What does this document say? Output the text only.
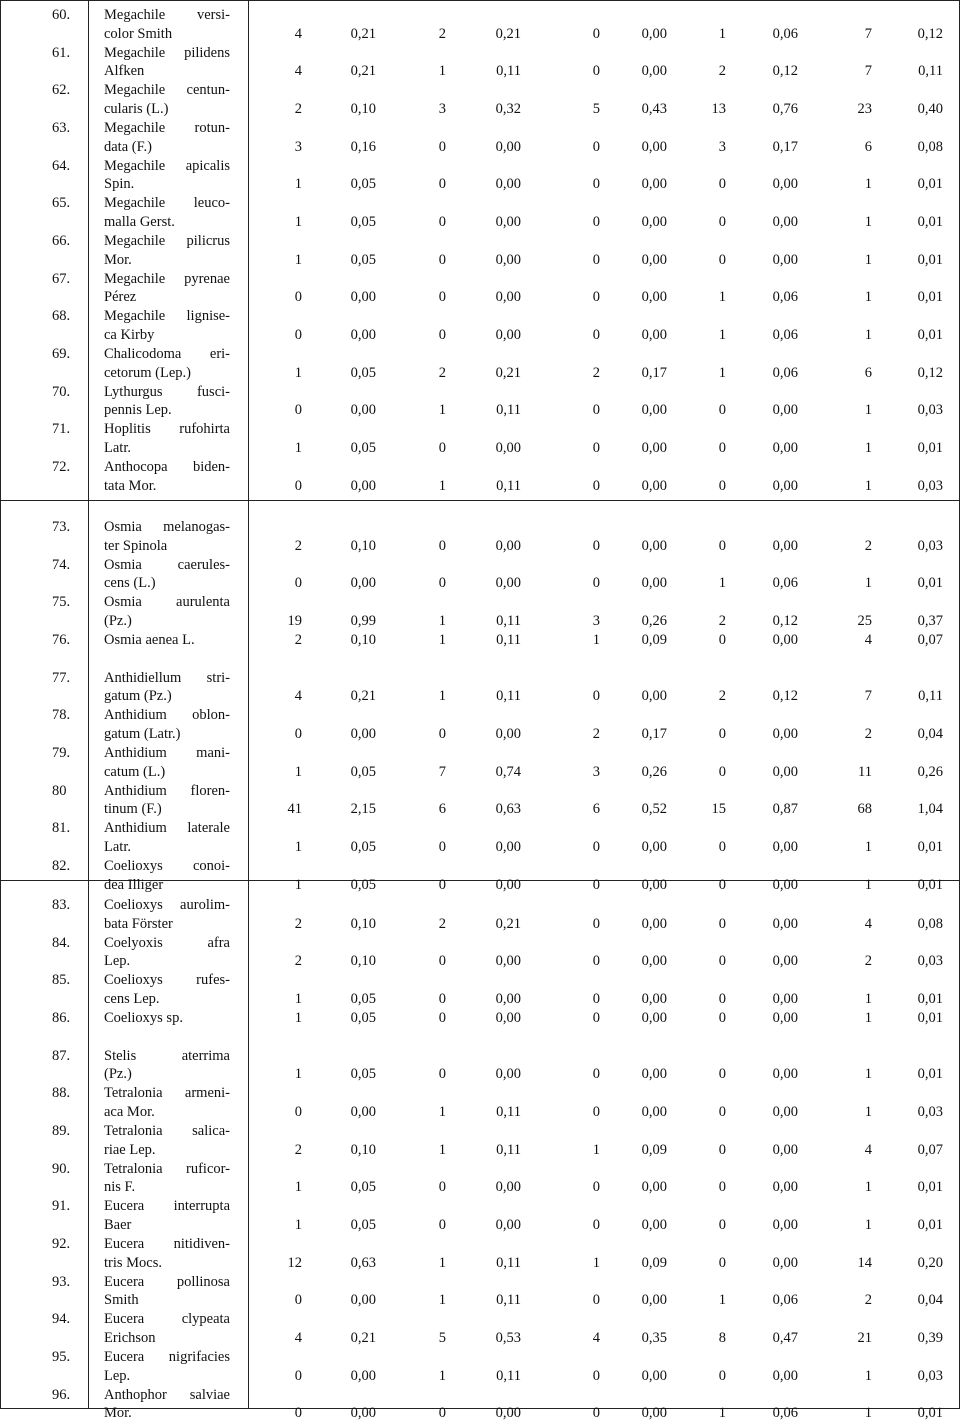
60.	Megachile versi-
color Smith	4	0,21	2	0,21	0	0,00	1	0,06	7	0,12
61.	Megachile pilidens
Alfken	4	0,21	1	0,11	0	0,00	2	0,12	7	0,11
62.	Megachile centun-
cularis (L.)	2	0,10	3	0,32	5	0,43	13	0,76	23	0,40
63.	Megachile rotun-
data (F.)	3	0,16	0	0,00	0	0,00	3	0,17	6	0,08
64.	Megachile apicalis
Spin.	1	0,05	0	0,00	0	0,00	0	0,00	1	0,01
65.	Megachile leuco-
malla Gerst.	1	0,05	0	0,00	0	0,00	0	0,00	1	0,01
66.	Megachile pilicrus
Mor.	1	0,05	0	0,00	0	0,00	0	0,00	1	0,01
67.	Megachile pyrenae
Pérez	0	0,00	0	0,00	0	0,00	1	0,06	1	0,01
68.	Megachile lignise-
ca Kirby	0	0,00	0	0,00	0	0,00	1	0,06	1	0,01
69.	Chalicodoma eri-
cetorum (Lep.)	1	0,05	2	0,21	2	0,17	1	0,06	6	0,12
70.	Lythurgus fusci-
pennis Lep.	0	0,00	1	0,11	0	0,00	0	0,00	1	0,03
71.	Hoplitis rufohirta
Latr.	1	0,05	0	0,00	0	0,00	0	0,00	1	0,01
72.	Anthocopa biden-
tata Mor.	0	0,00	1	0,11	0	0,00	0	0,00	1	0,03
73.	Osmia melanogas-
ter Spinola	2	0,10	0	0,00	0	0,00	0	0,00	2	0,03
74.	Osmia caerules-
cens (L.)	0	0,00	0	0,00	0	0,00	1	0,06	1	0,01
75.	Osmia aurulenta
(Pz.)	19	0,99	1	0,11	3	0,26	2	0,12	25	0,37
76.	Osmia aenea L.	2	0,10	1	0,11	1	0,09	0	0,00	4	0,07
77.	Anthidiellum stri-
gatum (Pz.)	4	0,21	1	0,11	0	0,00	2	0,12	7	0,11
78.	Anthidium oblon-
gatum (Latr.)	0	0,00	0	0,00	2	0,17	0	0,00	2	0,04
79.	Anthidium mani-
catum (L.)	1	0,05	7	0,74	3	0,26	0	0,00	11	0,26
80	Anthidium floren-
tinum (F.)	41	2,15	6	0,63	6	0,52	15	0,87	68	1,04
81.	Anthidium laterale
Latr.	1	0,05	0	0,00	0	0,00	0	0,00	1	0,01
82.	Coelioxys conoi-
dea Illiger	1	0,05	0	0,00	0	0,00	0	0,00	1	0,01
83.	Coelioxys aurolim-
bata Förster	2	0,10	2	0,21	0	0,00	0	0,00	4	0,08
84.	Coelyoxis afra
Lep.	2	0,10	0	0,00	0	0,00	0	0,00	2	0,03
85.	Coelioxys rufes-
cens Lep.	1	0,05	0	0,00	0	0,00	0	0,00	1	0,01
86.	Coelioxys sp.	1	0,05	0	0,00	0	0,00	0	0,00	1	0,01
87.	Stelis aterrima
(Pz.)	1	0,05	0	0,00	0	0,00	0	0,00	1	0,01
88.	Tetralonia armeni-
aca Mor.	0	0,00	1	0,11	0	0,00	0	0,00	1	0,03
89.	Tetralonia salica-
riae Lep.	2	0,10	1	0,11	1	0,09	0	0,00	4	0,07
90.	Tetralonia ruficor-
nis F.	1	0,05	0	0,00	0	0,00	0	0,00	1	0,01
91.	Eucera interrupta
Baer	1	0,05	0	0,00	0	0,00	0	0,00	1	0,01
92.	Eucera nitidiven-
tris Mocs.	12	0,63	1	0,11	1	0,09	0	0,00	14	0,20
93.	Eucera pollinosa
Smith	0	0,00	1	0,11	0	0,00	1	0,06	2	0,04
94.	Eucera clypeata
Erichson	4	0,21	5	0,53	4	0,35	8	0,47	21	0,39
95.	Eucera nigrifacies
Lep.	0	0,00	1	0,11	0	0,00	0	0,00	1	0,03
96.	Anthophor salviae
Mor.	0	0,00	0	0,00	0	0,00	1	0,06	1	0,01
